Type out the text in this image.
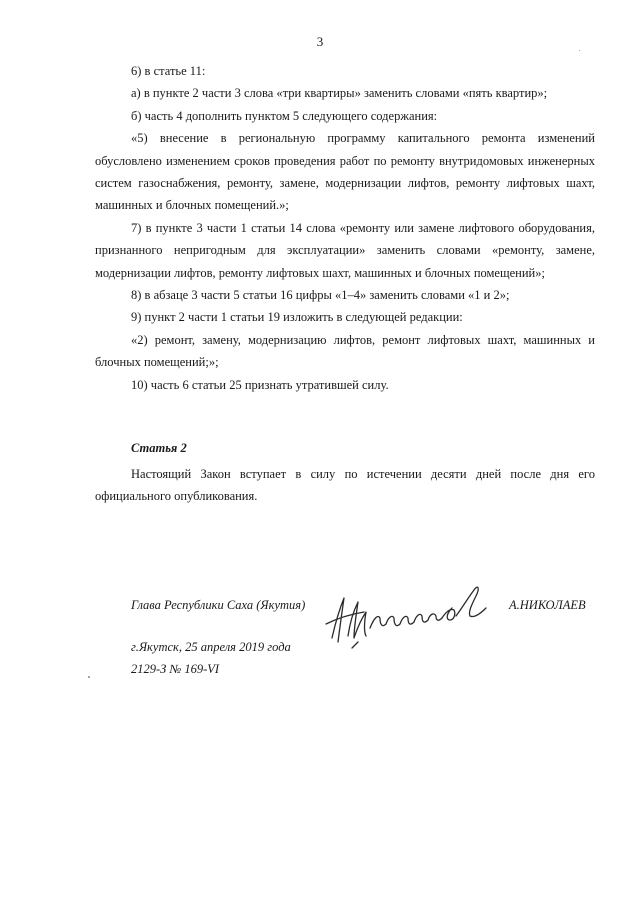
3

6) в статье 11:

а) в пункте 2 части 3 слова «три квартиры» заменить словами «пять квартир»;

б) часть 4 дополнить пунктом 5 следующего содержания:

«5) внесение в региональную программу капитального ремонта изменений обусловлено изменением сроков проведения работ по ремонту внутридомовых инженерных систем газоснабжения, ремонту, замене, модернизации лифтов, ремонту лифтовых шахт, машинных и блочных помещений.»;

7) в пункте 3 части 1 статьи 14 слова «ремонту или замене лифтового оборудования, признанного непригодным для эксплуатации» заменить словами «ремонту, замене, модернизации лифтов, ремонту лифтовых шахт, машинных и блочных помещений»;

8) в абзаце 3 части 5 статьи 16 цифры «1–4» заменить словами «1 и 2»;

9) пункт 2 части 1 статьи 19 изложить в следующей редакции:

«2) ремонт, замену, модернизацию лифтов, ремонт лифтовых шахт, машинных и блочных помещений;»;

10) часть 6 статьи 25 признать утратившей силу.

Статья 2

Настоящий Закон вступает в силу по истечении десяти дней после дня его официального опубликования.

Глава Республики Саха (Якутия)	А.НИКОЛАЕВ
г.Якутск, 25 апреля 2019 года
2129-З № 169-VI
